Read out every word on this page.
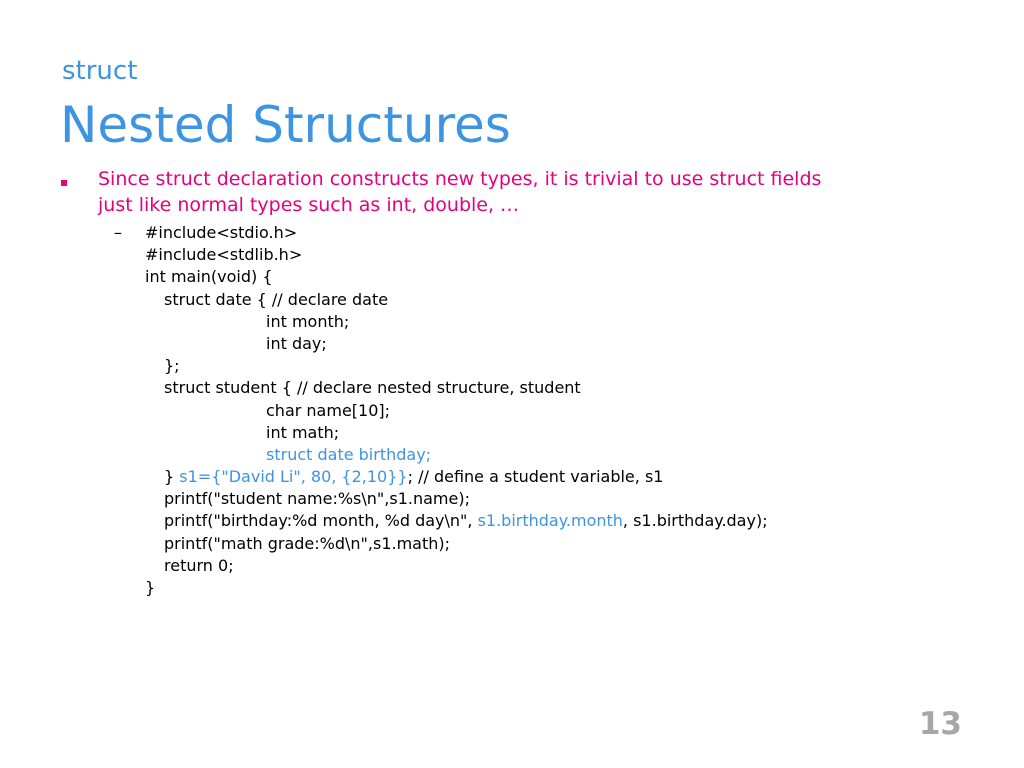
struct
Nested Structures
Since struct declaration constructs new types, it is trivial to use struct fields
just like normal types such as int, double, …
– #include<stdio.h>
#include<stdlib.h>
int main(void) {
struct date { // declare date
int month;
int day;
};
struct student { // declare nested structure, student
char name[10];
int math;
struct date birthday;
} s1={"David Li", 80, {2,10}}; // define a student variable, s1
printf("student name:%s\n",s1.name);
printf("birthday:%d month, %d day\n", s1.birthday.month, s1.birthday.day);
printf("math grade:%d\n",s1.math);
return 0;
}
13
